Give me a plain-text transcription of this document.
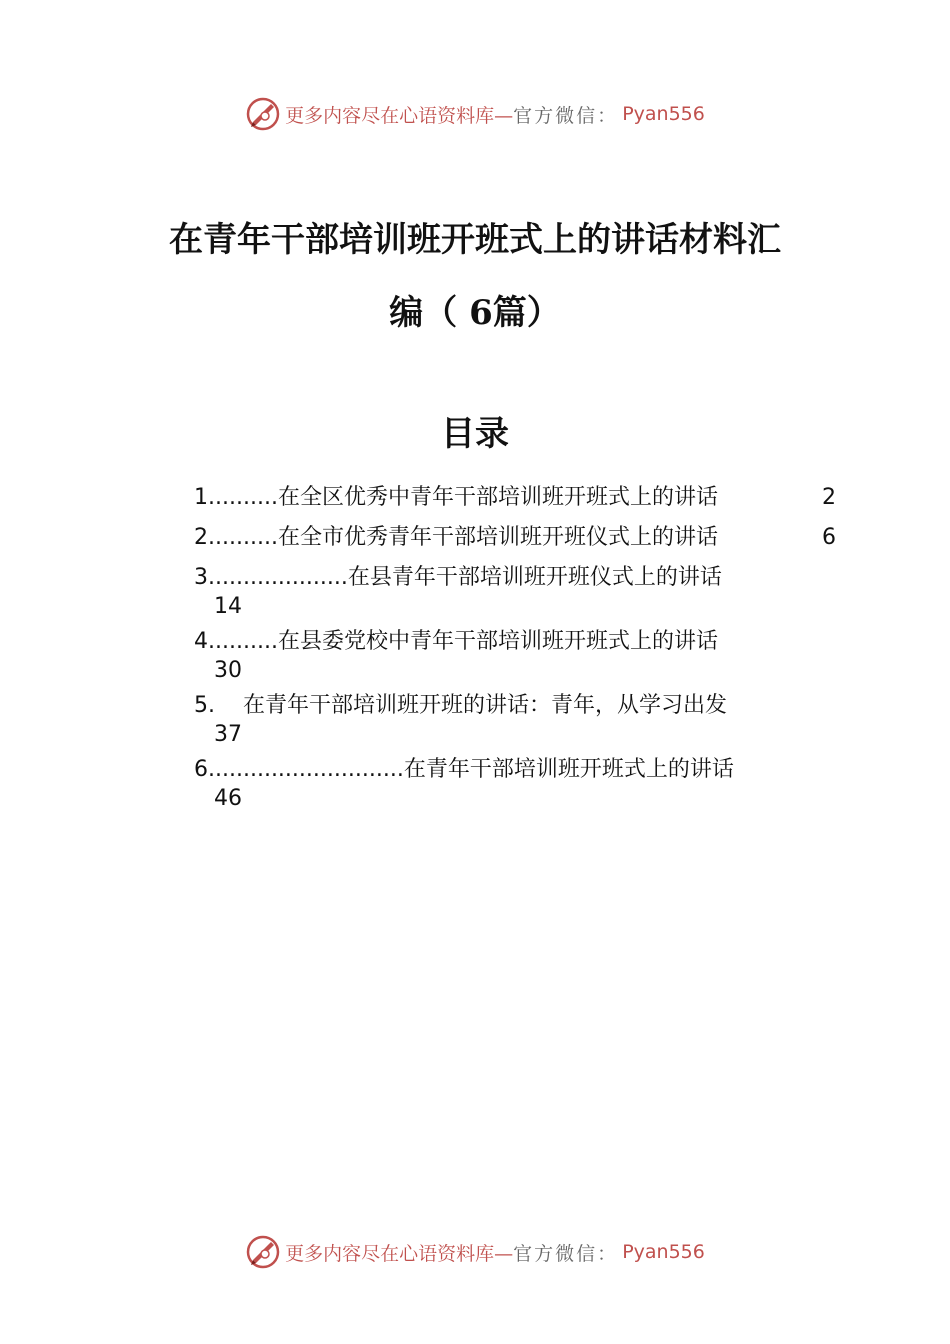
更多内容尽在心语资料库— 官方微信： Pyan556
在青年干部培训班开班式上的讲话材料汇
编（ 6篇）
目录
1 .......... 在全区优秀中青年干部培训班开班式上的讲话	2
2 .......... 在全市优秀青年干部培训班开班仪式上的讲话	6
3 .................... 在县青年干部培训班开班仪式上的讲话
14
4 .......... 在县委党校中青年干部培训班开班式上的讲话
30
5 . 在青年干部培训班开班的讲话：青年，从学习出发
37
6 ............................ 在青年干部培训班开班式上的讲话
46
更多内容尽在心语资料库— 官方微信： Pyan556
